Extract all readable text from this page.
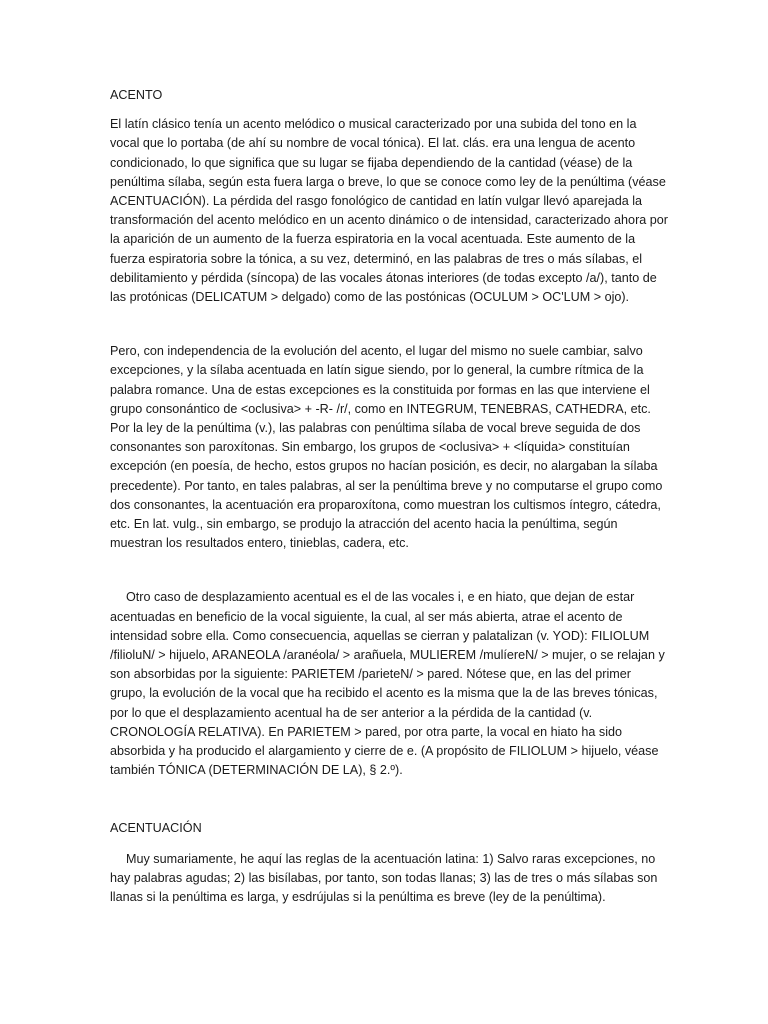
ACENTO

El latín clásico tenía un acento melódico o musical caracterizado por una subida del tono en la vocal que lo portaba (de ahí su nombre de vocal tónica). El lat. clás. era una lengua de acento condicionado, lo que significa que su lugar se fijaba dependiendo de la cantidad (véase) de la penúltima sílaba, según esta fuera larga o breve, lo que se conoce como ley de la penúltima (véase ACENTUACIÓN). La pérdida del rasgo fonológico de cantidad en latín vulgar llevó aparejada la transformación del acento melódico en un acento dinámico o de intensidad, caracterizado ahora por la aparición de un aumento de la fuerza espiratoria en la vocal acentuada. Este aumento de la fuerza espiratoria sobre la tónica, a su vez, determinó, en las palabras de tres o más sílabas, el debilitamiento y pérdida (síncopa) de las vocales átonas interiores (de todas excepto /a/), tanto de las protónicas (DELICATUM > delgado) como de las postónicas (OCULUM > OC'LUM > ojo).

Pero, con independencia de la evolución del acento, el lugar del mismo no suele cambiar, salvo excepciones, y la sílaba acentuada en latín sigue siendo, por lo general, la cumbre rítmica de la palabra romance. Una de estas excepciones es la constituida por formas en las que interviene el grupo consonántico de <oclusiva> + -R- /r/, como en INTEGRUM, TENEBRAS, CATHEDRA, etc. Por la ley de la penúltima (v.), las palabras con penúltima sílaba de vocal breve seguida de dos consonantes son paroxítonas. Sin embargo, los grupos de <oclusiva> + <líquida> constituían excepción (en poesía, de hecho, estos grupos no hacían posición, es decir, no alargaban la sílaba precedente). Por tanto, en tales palabras, al ser la penúltima breve y no computarse el grupo como dos consonantes, la acentuación era proparoxítona, como muestran los cultismos íntegro, cátedra, etc. En lat. vulg., sin embargo, se produjo la atracción del acento hacia la penúltima, según muestran los resultados entero, tinieblas, cadera, etc.

Otro caso de desplazamiento acentual es el de las vocales i, e en hiato, que dejan de estar acentuadas en beneficio de la vocal siguiente, la cual, al ser más abierta, atrae el acento de intensidad sobre ella. Como consecuencia, aquellas se cierran y palatalizan (v. YOD): FILIOLUM /filioluN/ > hijuelo, ARANEOLA /aranéola/ > arañuela, MULIEREM /mulíereN/ > mujer, o se relajan y son absorbidas por la siguiente: PARIETEM /parieteN/ > pared. Nótese que, en las del primer grupo, la evolución de la vocal que ha recibido el acento es la misma que la de las breves tónicas, por lo que el desplazamiento acentual ha de ser anterior a la pérdida de la cantidad (v. CRONOLOGÍA RELATIVA). En PARIETEM > pared, por otra parte, la vocal en hiato ha sido absorbida y ha producido el alargamiento y cierre de e. (A propósito de FILIOLUM > hijuelo, véase también TÓNICA (DETERMINACIÓN DE LA), § 2.º).

ACENTUACIÓN

Muy sumariamente, he aquí las reglas de la acentuación latina: 1) Salvo raras excepciones, no hay palabras agudas; 2) las bisílabas, por tanto, son todas llanas; 3) las de tres o más sílabas son llanas si la penúltima es larga, y esdrújulas si la penúltima es breve (ley de la penúltima).
